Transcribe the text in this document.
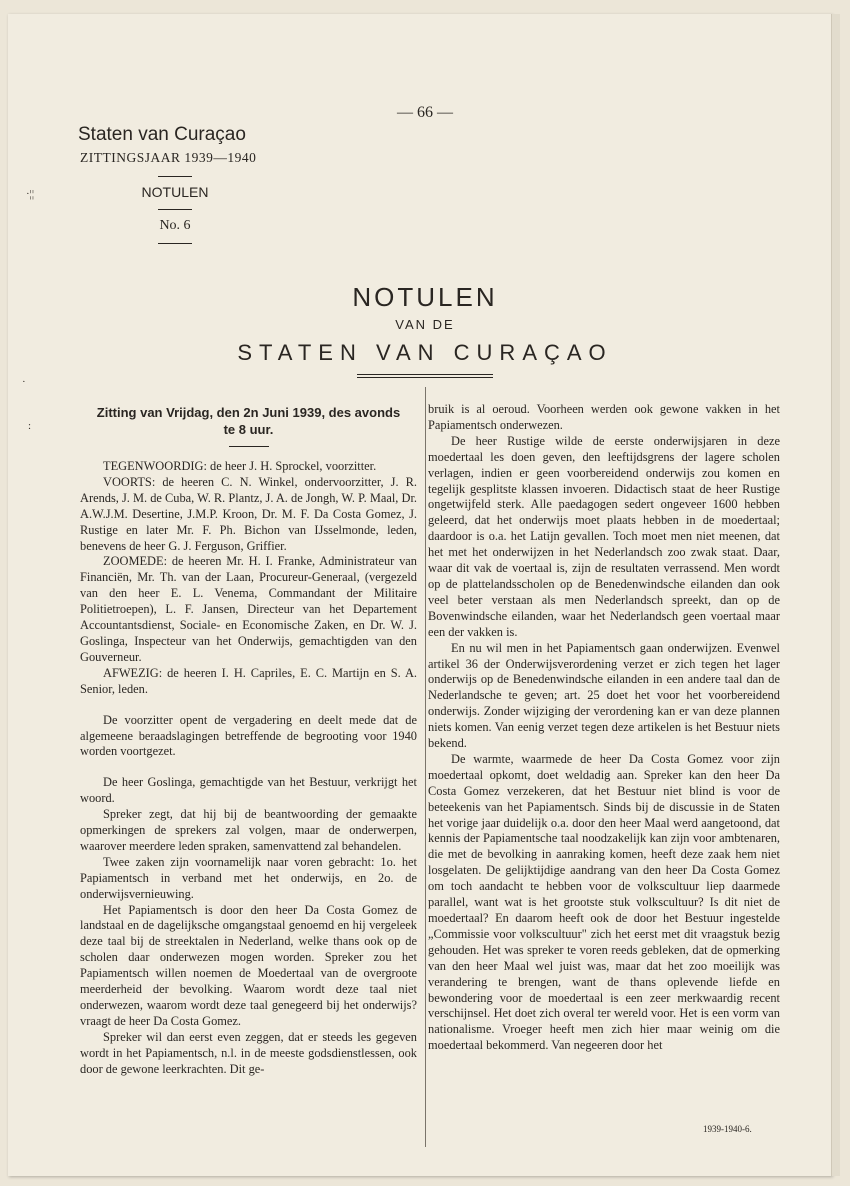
·¦¦
·
:
— 66 —
Staten van Curaçao
ZITTINGSJAAR 1939—1940
NOTULEN
No. 6
NOTULEN
VAN DE
STATEN VAN CURAÇAO
Zitting van Vrijdag, den 2n Juni 1939, des avonds
te 8 uur.

TEGENWOORDIG: de heer J. H. Sprockel, voorzitter.

VOORTS: de heeren C. N. Winkel, ondervoorzitter, J. R. Arends, J. M. de Cuba, W. R. Plantz, J. A. de Jongh, W. P. Maal, Dr. A.W.J.M. Desertine, J.M.P. Kroon, Dr. M. F. Da Costa Gomez, J. Rustige en later Mr. F. Ph. Bichon van IJsselmonde, leden, benevens de heer G. J. Ferguson, Griffier.

ZOOMEDE: de heeren Mr. H. I. Franke, Administrateur van Financiën, Mr. Th. van der Laan, Procureur-Generaal, (vergezeld van den heer E. L. Venema, Commandant der Militaire Politietroepen), L. F. Jansen, Directeur van het Departement Accountantsdienst, Sociale- en Economische Zaken, en Dr. W. J. Goslinga, Inspecteur van het Onderwijs, gemachtigden van den Gouverneur.

AFWEZIG: de heeren I. H. Capriles, E. C. Martijn en S. A. Senior, leden.

De voorzitter opent de vergadering en deelt mede dat de algemeene beraadslagingen betreffende de begrooting voor 1940 worden voortgezet.

De heer Goslinga, gemachtigde van het Bestuur, verkrijgt het woord.

Spreker zegt, dat hij bij de beantwoording der gemaakte opmerkingen de sprekers zal volgen, maar de onderwerpen, waarover meerdere leden spraken, samenvattend zal behandelen.

Twee zaken zijn voornamelijk naar voren gebracht: 1o. het Papiamentsch in verband met het onderwijs, en 2o. de onderwijsvernieuwing.

Het Papiamentsch is door den heer Da Costa Gomez de landstaal en de dagelijksche omgangstaal genoemd en hij vergeleek deze taal bij de streektalen in Nederland, welke thans ook op de scholen daar onderwezen mogen worden. Spreker zou het Papiamentsch willen noemen de Moedertaal van de overgroote meerderheid der bevolking. Waarom wordt deze taal niet onderwezen, waarom wordt deze taal genegeerd bij het onderwijs? vraagt de heer Da Costa Gomez.

Spreker wil dan eerst even zeggen, dat er steeds les gegeven wordt in het Papiamentsch, n.l. in de meeste godsdienstlessen, ook door de gewone leerkrachten. Dit ge-

bruik is al oeroud. Voorheen werden ook gewone vakken in het Papiamentsch onderwezen.

De heer Rustige wilde de eerste onderwijsjaren in deze moedertaal les doen geven, den leeftijdsgrens der lagere scholen verlagen, indien er geen voorbereidend onderwijs zou komen en tegelijk gesplitste klassen invoeren. Didactisch staat de heer Rustige ongetwijfeld sterk. Alle paedagogen sedert ongeveer 1600 hebben geleerd, dat het onderwijs moet plaats hebben in de moedertaal; daardoor is o.a. het Latijn gevallen. Toch moet men niet meenen, dat het met het onderwijzen in het Nederlandsch zoo zwak staat. Daar, waar dit vak de voertaal is, zijn de resultaten verrassend. Men wordt op de plattelandsscholen op de Benedenwindsche eilanden dan ook veel beter verstaan als men Nederlandsch spreekt, dan op de Bovenwindsche eilanden, waar het Nederlandsch geen voertaal maar een der vakken is.

En nu wil men in het Papiamentsch gaan onderwijzen. Evenwel artikel 36 der Onderwijsverordening verzet er zich tegen het lager onderwijs op de Benedenwindsche eilanden in een andere taal dan de Nederlandsche te geven; art. 25 doet het voor het voorbereidend onderwijs. Zonder wijziging der verordening kan er van deze plannen niets komen. Van eenig verzet tegen deze artikelen is het Bestuur niets bekend.

De warmte, waarmede de heer Da Costa Gomez voor zijn moedertaal opkomt, doet weldadig aan. Spreker kan den heer Da Costa Gomez verzekeren, dat het Bestuur niet blind is voor de beteekenis van het Papiamentsch. Sinds bij de discussie in de Staten het vorige jaar duidelijk o.a. door den heer Maal werd aangetoond, dat kennis der Papiamentsche taal noodzakelijk kan zijn voor ambtenaren, die met de bevolking in aanraking komen, heeft deze zaak hem niet losgelaten. De gelijktijdige aandrang van den heer Da Costa Gomez om toch aandacht te hebben voor de volkscultuur liep daarmede parallel, want wat is het grootste stuk volkscultuur? Is dit niet de moedertaal? En daarom heeft ook de door het Bestuur ingestelde „Commissie voor volkscultuur" zich het eerst met dit vraagstuk bezig gehouden. Het was spreker te voren reeds gebleken, dat de opmerking van den heer Maal wel juist was, maar dat het zoo moeilijk was verandering te brengen, want de thans oplevende liefde en bewondering voor de moedertaal is een zeer merkwaardig recent verschijnsel. Het doet zich overal ter wereld voor. Het is een vorm van nationalisme. Vroeger heeft men zich hier maar weinig om die moedertaal bekommerd. Van negeeren door het

1939-1940-6.
